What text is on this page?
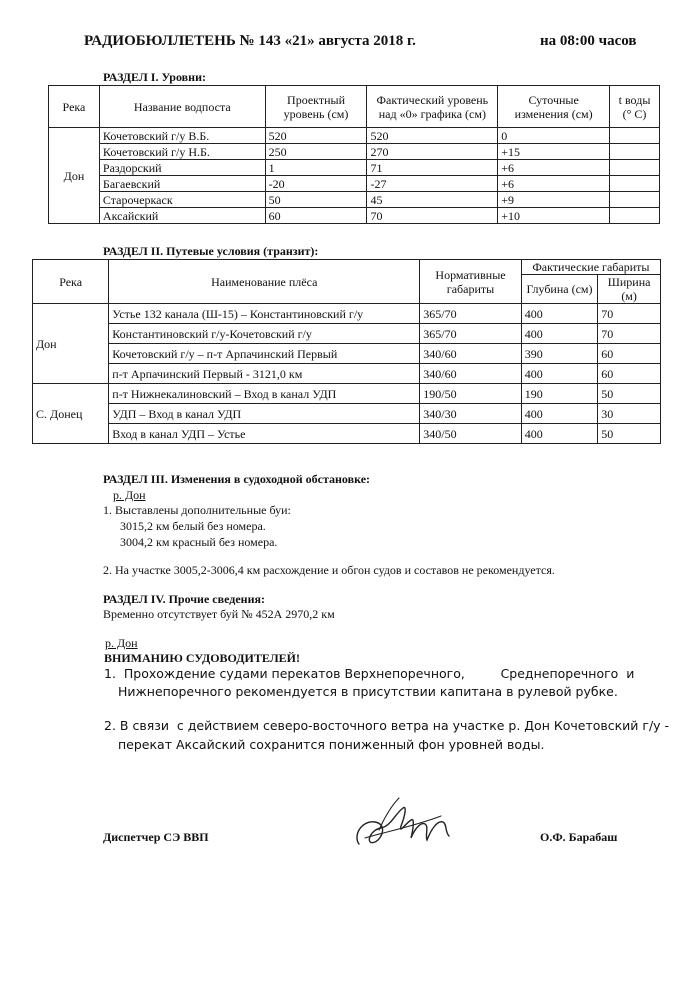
РАДИОБЮЛЛЕТЕНЬ № 143 «21» августа 2018 г.	на 08:00 часов
РАЗДЕЛ I. Уровни:
Река	Название водпоста	Проектный уровень (см)	Фактический уровень над «0» графика (см)	Суточные изменения (см)	t воды (° С)
Дон	Кочетовский г/у В.Б.	520	520	0	
	Кочетовский г/у Н.Б.	250	270	+15	
	Раздорский	1	71	+6	
	Багаевский	-20	-27	+6	
	Старочеркаск	50	45	+9	
	Аксайский	60	70	+10	
РАЗДЕЛ II. Путевые условия (транзит):
Река	Наименование плёса	Нормативные габариты	Фактические габариты	
			Глубина (см)	Ширина (м)
Дон	Устье 132 канала (Ш-15) – Константиновский г/у	365/70	400	70
	Константиновский г/у-Кочетовский г/у	365/70	400	70
	Кочетовский г/у – п-т Арпачинский Первый	340/60	390	60
	п-т Арпачинский Первый - 3121,0 км	340/60	400	60
С. Донец	п-т Нижнекалиновский – Вход в канал УДП	190/50	190	50
	УДП – Вход в канал УДП	340/30	400	30
	Вход в канал УДП – Устье	340/50	400	50
РАЗДЕЛ III. Изменения в судоходной обстановке:
р. Дон
1. Выставлены дополнительные буи:
3015,2 км белый без номера.
3004,2 км красный без номера.
2. На участке 3005,2-3006,4 км расхождение и обгон судов и составов не рекомендуется.
РАЗДЕЛ IV. Прочие сведения:
Временно отсутствует буй № 452А 2970,2 км
р. Дон
ВНИМАНИЮ СУДОВОДИТЕЛЕЙ!
1.  Прохождение судами перекатов Верхнепоречного,         Среднепоречного  и
Нижнепоречного рекомендуется в присутствии капитана в рулевой рубке.
2. В связи  с действием северо-восточного ветра на участке р. Дон Кочетовский г/у -
перекат Аксайский сохранится пониженный фон уровней воды.
Диспетчер СЭ ВВП	О.Ф. Барабаш
